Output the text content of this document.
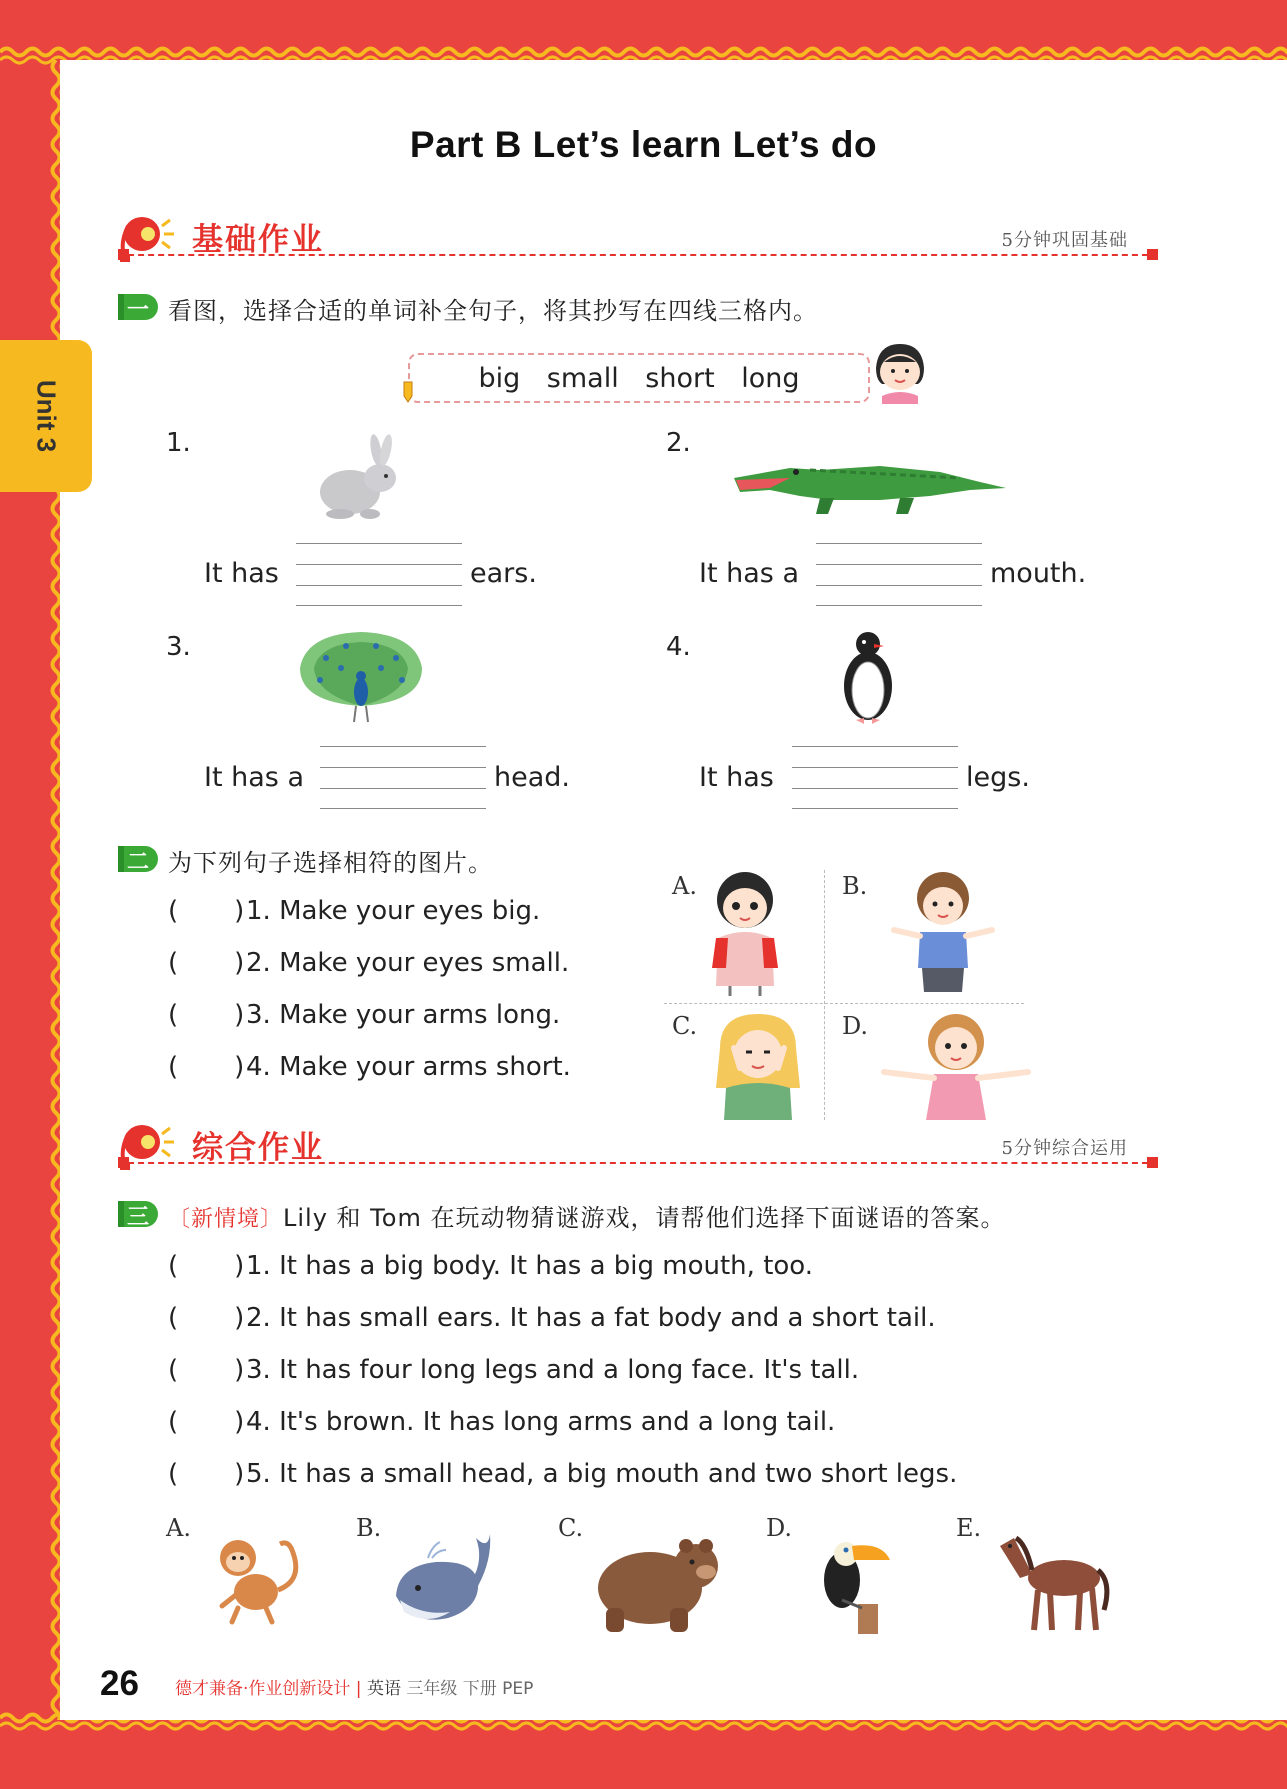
Unit 3
Part B Let’s learn Let’s do
基础作业	5分钟巩固基础
一 看图，选择合适的单词补全句子，将其抄写在四线三格内。
big small short long
1.
It has	ears.
2.
It has a	mouth.
3.
It has a	head.
4.
It has	legs.
二 为下列句子选择相符的图片。
( )1. Make your eyes big.
( )2. Make your eyes small.
( )3. Make your arms long.
( )4. Make your arms short.
A.	B.
C.	D.
综合作业	5分钟综合运用
三 〔新情境〕Lily 和 Tom 在玩动物猜谜游戏，请帮他们选择下面谜语的答案。
( )1. It has a big body. It has a big mouth, too.
( )2. It has small ears. It has a fat body and a short tail.
( )3. It has four long legs and a long face. It's tall.
( )4. It's brown. It has long arms and a long tail.
( )5. It has a small head, a big mouth and two short legs.
A.	B.	C.	D.	E.
26 德才兼备·作业创新设计 | 英语 三年级 下册 PEP
